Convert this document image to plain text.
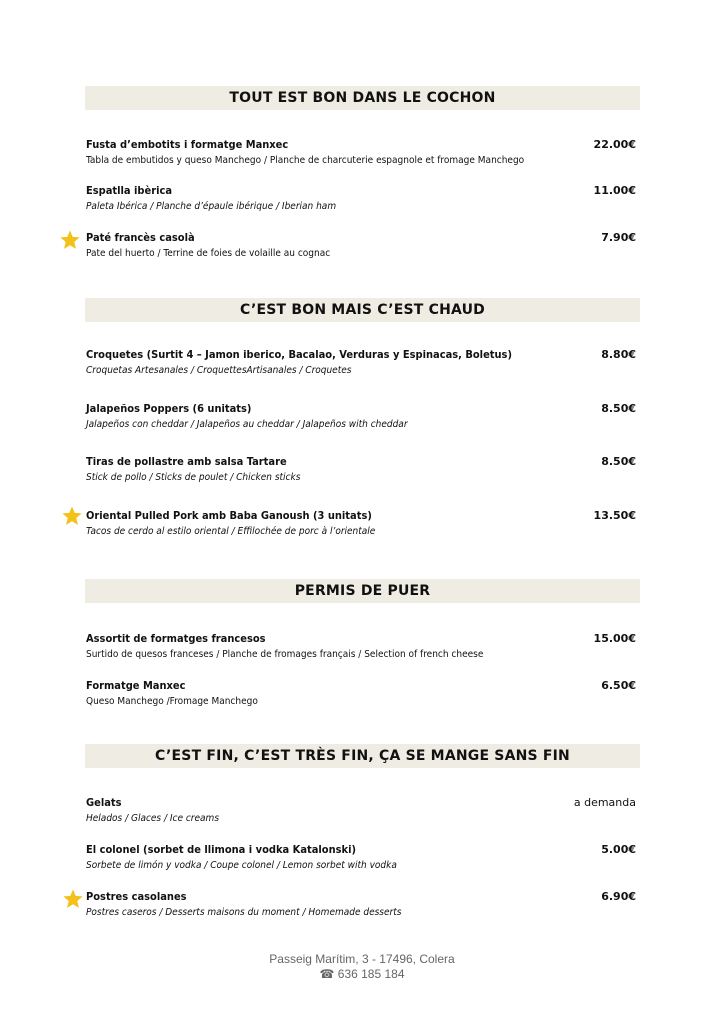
TOUT EST BON DANS LE COCHON
Fusta d’embotits i formatge Manxec
Tabla de embutidos y queso Manchego / Planche de charcuterie espagnole et fromage Manchego
22.00€
Espatlla ibèrica
Paleta Ibérica / Planche d’épaule ibérique / Iberian ham
11.00€
Paté francès casolà
Pate del huerto / Terrine de foies de volaille au cognac
7.90€
C’EST BON MAIS C’EST CHAUD
Croquetes (Surtit 4 – Jamon iberico, Bacalao, Verduras y Espinacas, Boletus)
Croquetas Artesanales / CroquettesArtisanales / Croquetes
8.80€
Jalapeños Poppers (6 unitats)
Jalapeños con cheddar / Jalapeños au cheddar / Jalapeños with cheddar
8.50€
Tiras de pollastre amb salsa Tartare
Stick de pollo / Sticks de poulet / Chicken sticks
8.50€
Oriental Pulled Pork amb Baba Ganoush (3 unitats)
Tacos de cerdo al estilo oriental / Effilochée de porc à l’orientale
13.50€
PERMIS DE PUER
Assortit de formatges francesos
Surtido de quesos franceses / Planche de fromages français / Selection of french cheese
15.00€
Formatge Manxec
Queso Manchego /Fromage Manchego
6.50€
C’EST FIN, C’EST TRÈS FIN, ÇA SE MANGE SANS FIN
Gelats
Helados / Glaces / Ice creams
a demanda
El colonel (sorbet de llimona i vodka Katalonski)
Sorbete de limón y vodka / Coupe colonel / Lemon sorbet with vodka
5.00€
Postres casolanes
Postres caseros / Desserts maisons du moment / Homemade desserts
6.90€
Passeig Marítim, 3 - 17496, Colera
☎ 636 185 184
